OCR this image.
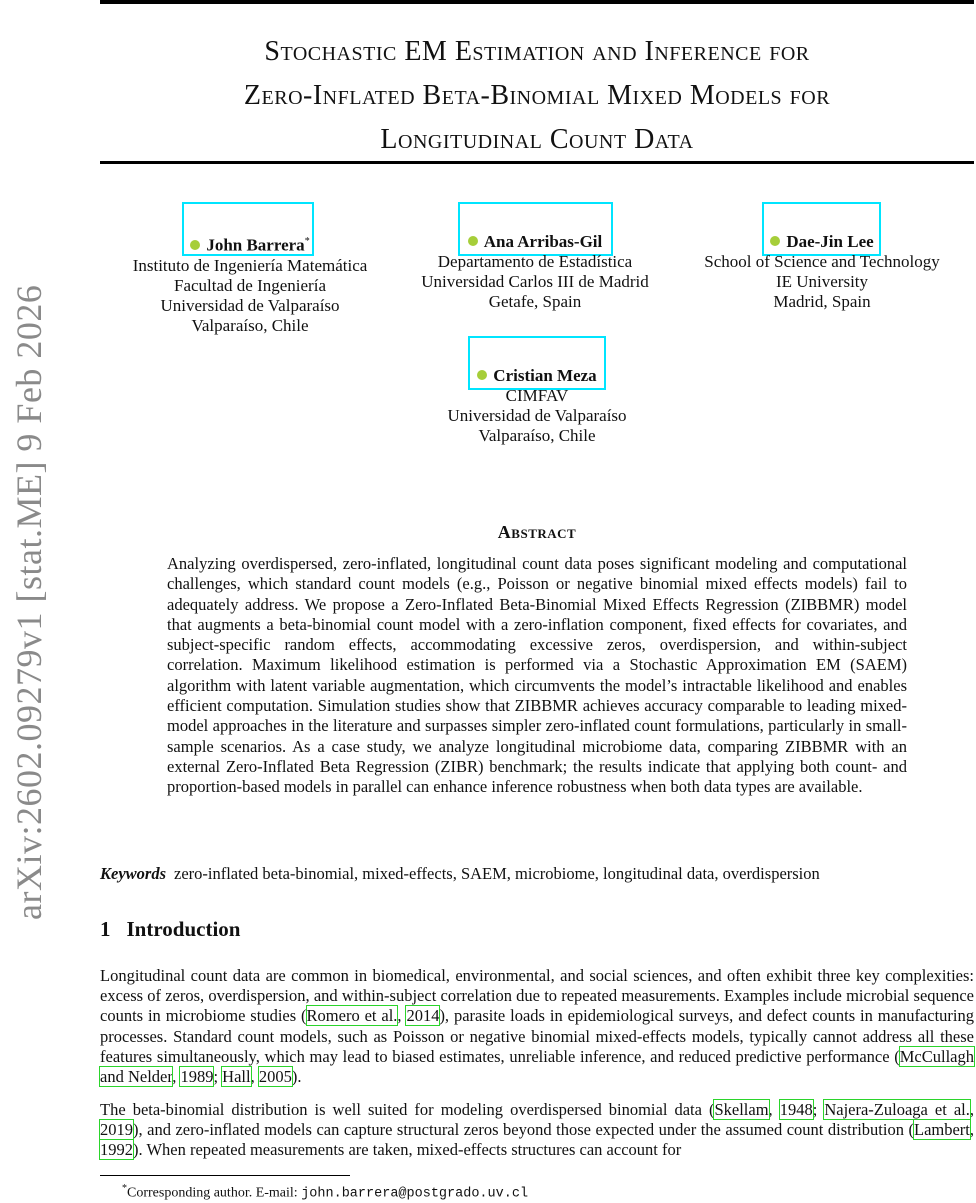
arXiv:2602.09279v1 [stat.ME] 9 Feb 2026
Stochastic EM Estimation and Inference for
Zero-Inflated Beta-Binomial Mixed Models for
Longitudinal Count Data
John Barrera*
Instituto de Ingeniería Matemática
Facultad de Ingeniería
Universidad de Valparaíso
Valparaíso, Chile
Ana Arribas-Gil
Departamento de Estadística
Universidad Carlos III de Madrid
Getafe, Spain
Dae-Jin Lee
School of Science and Technology
IE University
Madrid, Spain
Cristian Meza
CIMFAV
Universidad de Valparaíso
Valparaíso, Chile
Abstract
Analyzing overdispersed, zero-inflated, longitudinal count data poses significant modeling and computational challenges, which standard count models (e.g., Poisson or negative binomial mixed effects models) fail to adequately address. We propose a Zero-Inflated Beta-Binomial Mixed Effects Regression (ZIBBMR) model that augments a beta-binomial count model with a zero-inflation component, fixed effects for covariates, and subject-specific random effects, accommodating excessive zeros, overdispersion, and within-subject correlation. Maximum likelihood estimation is performed via a Stochastic Approximation EM (SAEM) algorithm with latent variable augmentation, which circumvents the model’s intractable likelihood and enables efficient computation. Simulation studies show that ZIBBMR achieves accuracy comparable to leading mixed-model approaches in the literature and surpasses simpler zero-inflated count formulations, particularly in small-sample scenarios. As a case study, we analyze longitudinal microbiome data, comparing ZIBBMR with an external Zero-Inflated Beta Regression (ZIBR) benchmark; the results indicate that applying both count- and proportion-based models in parallel can enhance inference robustness when both data types are available.
Keywords zero-inflated beta-binomial, mixed-effects, SAEM, microbiome, longitudinal data, overdispersion
1 Introduction
Longitudinal count data are common in biomedical, environmental, and social sciences, and often exhibit three key complexities: excess of zeros, overdispersion, and within-subject correlation due to repeated measurements. Examples include microbial sequence counts in microbiome studies (Romero et al., 2014), parasite loads in epidemiological surveys, and defect counts in manufacturing processes. Standard count models, such as Poisson or negative binomial mixed-effects models, typically cannot address all these features simultaneously, which may lead to biased estimates, unreliable inference, and reduced predictive performance (McCullagh and Nelder, 1989; Hall, 2005).
The beta-binomial distribution is well suited for modeling overdispersed binomial data (Skellam, 1948; Najera-Zuloaga et al., 2019), and zero-inflated models can capture structural zeros beyond those expected under the assumed count distribution (Lambert, 1992). When repeated measurements are taken, mixed-effects structures can account for
*Corresponding author. E-mail: john.barrera@postgrado.uv.cl
